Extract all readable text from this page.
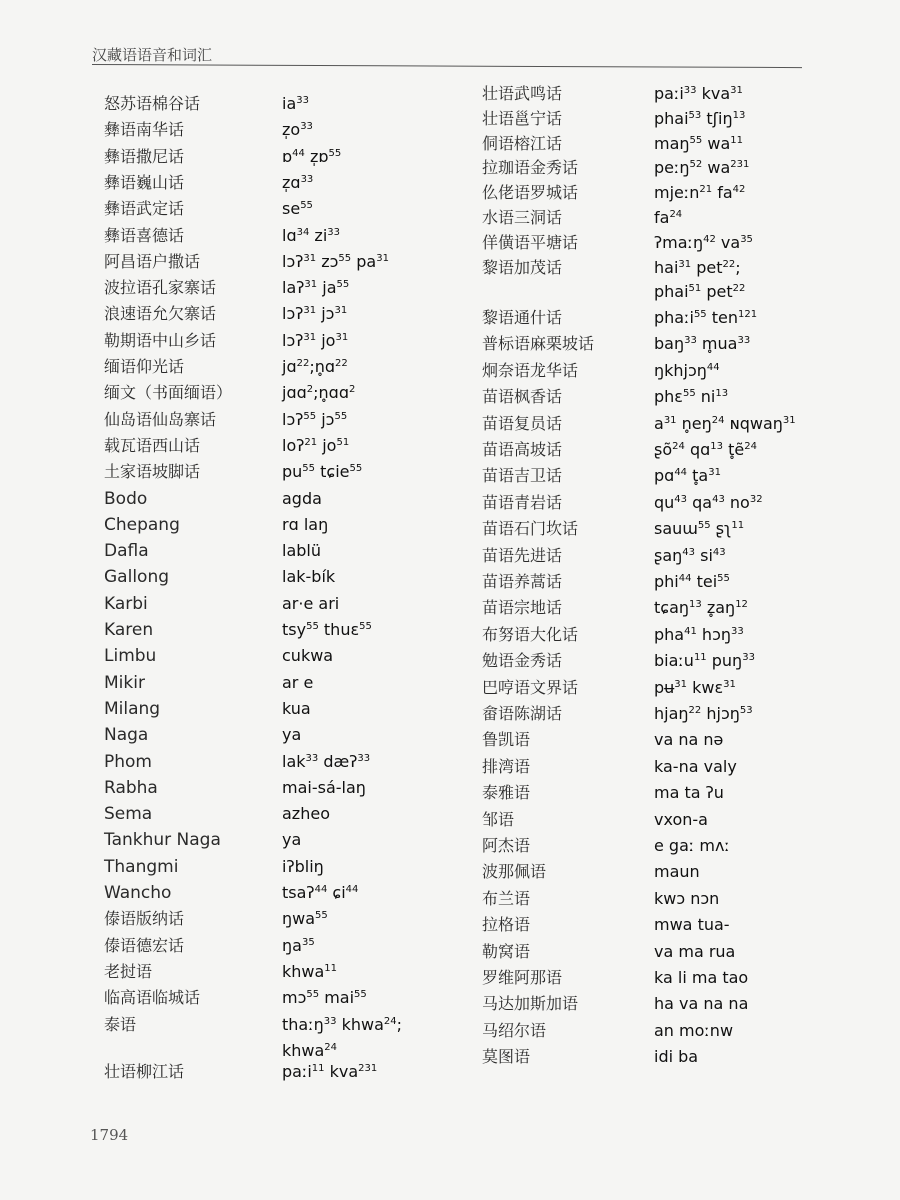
汉藏语语音和词汇
怒苏语棉谷话	$ia^{33}$
彝语南华话	$z̩o^{33}$
彝语撒尼话	ɒ$^{44}$ z̩ɒ$^{55}$
彝语巍山话	z̩ɑ$^{33}$
彝语武定话	$se^{55}$
彝语喜德话	lɑ$^{34}$ $zi^{33}$
阿昌语户撒话	lɔʔ$^{31}$ zɔ$^{55}$ $pa^{31}$
波拉语孔家寨话	laʔ$^{31}$ $ja^{55}$
浪速语允欠寨话	lɔʔ$^{31}$ jɔ$^{31}$
勒期语中山乡话	lɔʔ$^{31}$ $jo^{31}$
缅语仰光话	jɑ$^{22}$;n̥ɑ$^{22}$
缅文（书面缅语）	jɑɑ$^2$;n̥ɑɑ$^2$
仙岛语仙岛寨话	lɔʔ$^{55}$ jɔ$^{55}$
载瓦语西山话	loʔ$^{21}$ $jo^{51}$
土家语坡脚话	$pu^{55}$ tɕie$^{55}$
Bodo	agda
Chepang	rɑ laŋ
Dafla	lablü
Gallong	lak-bík
Karbi	ar·e ari
Karen	tsy$^{55}$ thuɛ$^{55}$
Limbu	cukwa
Mikir	ar e
Milang	kua
Naga	ya
Phom	lak$^{33}$ dæʔ$^{33}$
Rabha	mai-sá-laŋ
Sema	azheo
Tankhur Naga	ya
Thangmi	iʔbliŋ
Wancho	tsaʔ$^{44}$ ɕi$^{44}$
傣语版纳话	ŋwa$^{55}$
傣语德宏话	$ŋa^{35}$
老挝语	khwa$^{11}$
临高语临城话	mɔ$^{55}$ mai$^{55}$
泰语	thaːŋ$^{33}$ khwa$^{24}$;
khwa$^{24}$
壮语柳江话	paːi$^{11}$ kva$^{231}$
壮语武鸣话	paːi$^{33}$ kva$^{31}$
壮语邕宁话	phai$^{53}$ tʃiŋ$^{13}$
侗语榕江话	maŋ$^{55}$ $wa^{11}$
拉珈语金秀话	peːŋ$^{52}$ $wa^{231}$
仫佬语罗城话	mjeːn$^{21}$ $fa^{42}$
水语三洞话	$fa^{24}$
佯僙语平塘话	ʔmaːŋ$^{42}$ $va^{35}$
黎语加茂话	hai$^{31}$ pet$^{22}$;
phai$^{51}$ pet$^{22}$
黎语通什话	phaːi$^{55}$ ten$^{121}$
普标语麻栗坡话	baŋ$^{33}$ $m̥ua^{33}$
炯奈语龙华话	ŋkhjɔŋ$^{44}$
苗语枫香话	phɛ$^{55}$ $ni^{13}$
苗语复员话	$a^{31}$ $n̥eŋ^{24}$ ɴqwaŋ$^{31}$
苗语高坡话	ʂõ$^{24}$ qɑ$^{13}$ t̥ẽ$^{24}$
苗语吉卫话	pɑ$^{44}$ $t̥a^{31}$
苗语青岩话	$qu^{43}$ $qa^{43}$ $no^{32}$
苗语石门坎话	sauɯ$^{55}$ ʂʅ$^{11}$
苗语先进话	ʂaŋ$^{43}$ $si^{43}$
苗语养蒿话	phi$^{44}$ tei$^{55}$
苗语宗地话	tɕaŋ$^{13}$ $z̥aŋ^{12}$
布努语大化话	pha$^{41}$ hɔŋ$^{33}$
勉语金秀话	biaːu$^{11}$ puŋ$^{33}$
巴哼语文界话	pʉ$^{31}$ kwɛ$^{31}$
畲语陈湖话	hjaŋ$^{22}$ hjɔŋ$^{53}$
鲁凯语	va na nə
排湾语	ka-na valy
泰雅语	ma ta ʔu
邹语	vxon-a
阿杰语	e gaː mʌː
波那佩语	maun
布兰语	kwɔ nɔn
拉格语	mwa tua-
勒窝语	va ma rua
罗维阿那语	ka li ma tao
马达加斯加语	ha va na na
马绍尔语	an moːnw
莫图语	idi ba
1794
